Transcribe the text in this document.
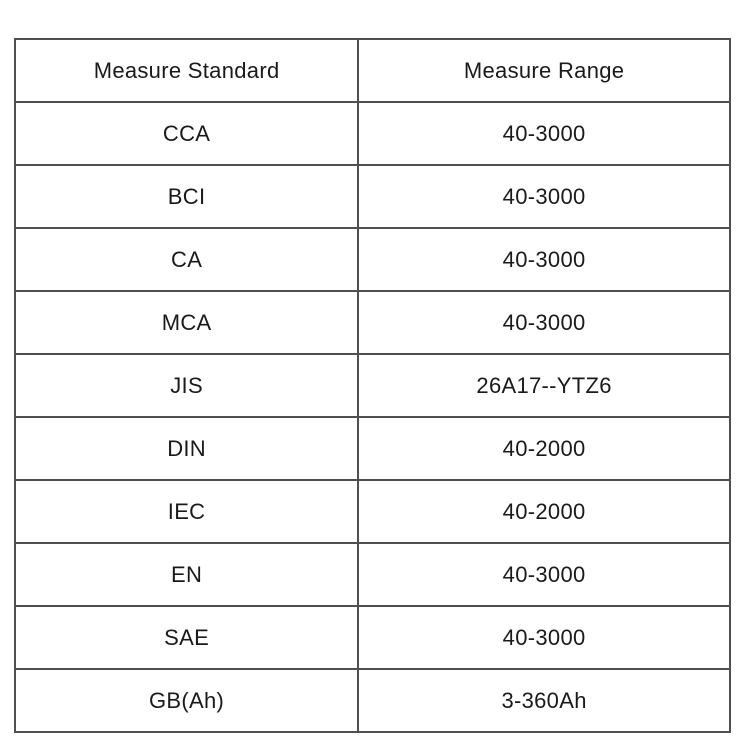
Measure Standard	Measure Range
CCA	40-3000
BCI	40-3000
CA	40-3000
MCA	40-3000
JIS	26A17--YTZ6
DIN	40-2000
IEC	40-2000
EN	40-3000
SAE	40-3000
GB(Ah)	3-360Ah
